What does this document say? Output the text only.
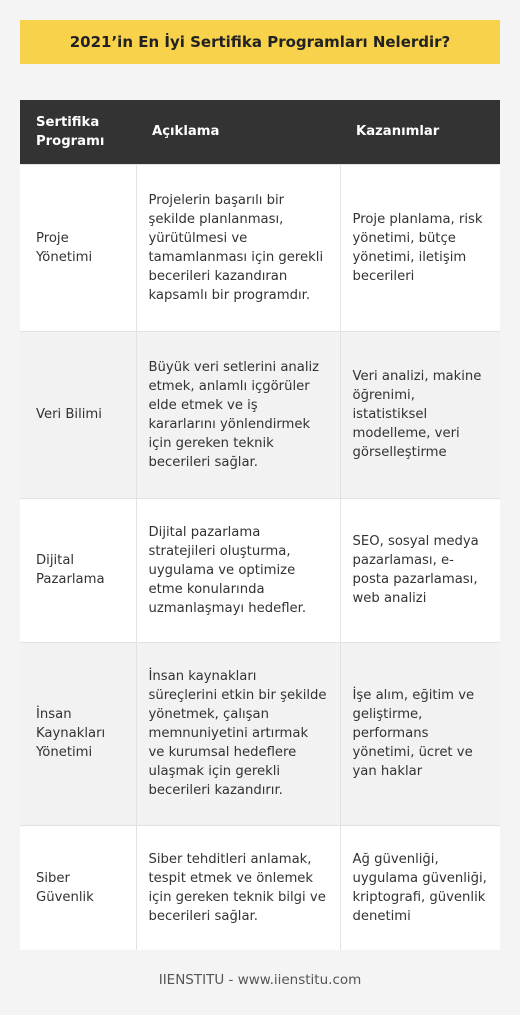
2021’in En İyi Sertifika Programları Nelerdir?
Sertifika Programı	Açıklama	Kazanımlar
Proje Yönetimi	Projelerin başarılı bir şekilde planlanması, yürütülmesi ve tamamlanması için gerekli becerileri kazandıran kapsamlı bir programdır.	Proje planlama, risk yönetimi, bütçe yönetimi, iletişim becerileri
Veri Bilimi	Büyük veri setlerini analiz etmek, anlamlı içgörüler elde etmek ve iş kararlarını yönlendirmek için gereken teknik becerileri sağlar.	Veri analizi, makine öğrenimi, istatistiksel modelleme, veri görselleştirme
Dijital Pazarlama	Dijital pazarlama stratejileri oluşturma, uygulama ve optimize etme konularında uzmanlaşmayı hedefler.	SEO, sosyal medya pazarlaması, e-posta pazarlaması, web analizi
İnsan Kaynakları Yönetimi	İnsan kaynakları süreçlerini etkin bir şekilde yönetmek, çalışan memnuniyetini artırmak ve kurumsal hedeflere ulaşmak için gerekli becerileri kazandırır.	İşe alım, eğitim ve geliştirme, performans yönetimi, ücret ve yan haklar
Siber Güvenlik	Siber tehditleri anlamak, tespit etmek ve önlemek için gereken teknik bilgi ve becerileri sağlar.	Ağ güvenliği, uygulama güvenliği, kriptografi, güvenlik denetimi
IIENSTITU - www.iienstitu.com
